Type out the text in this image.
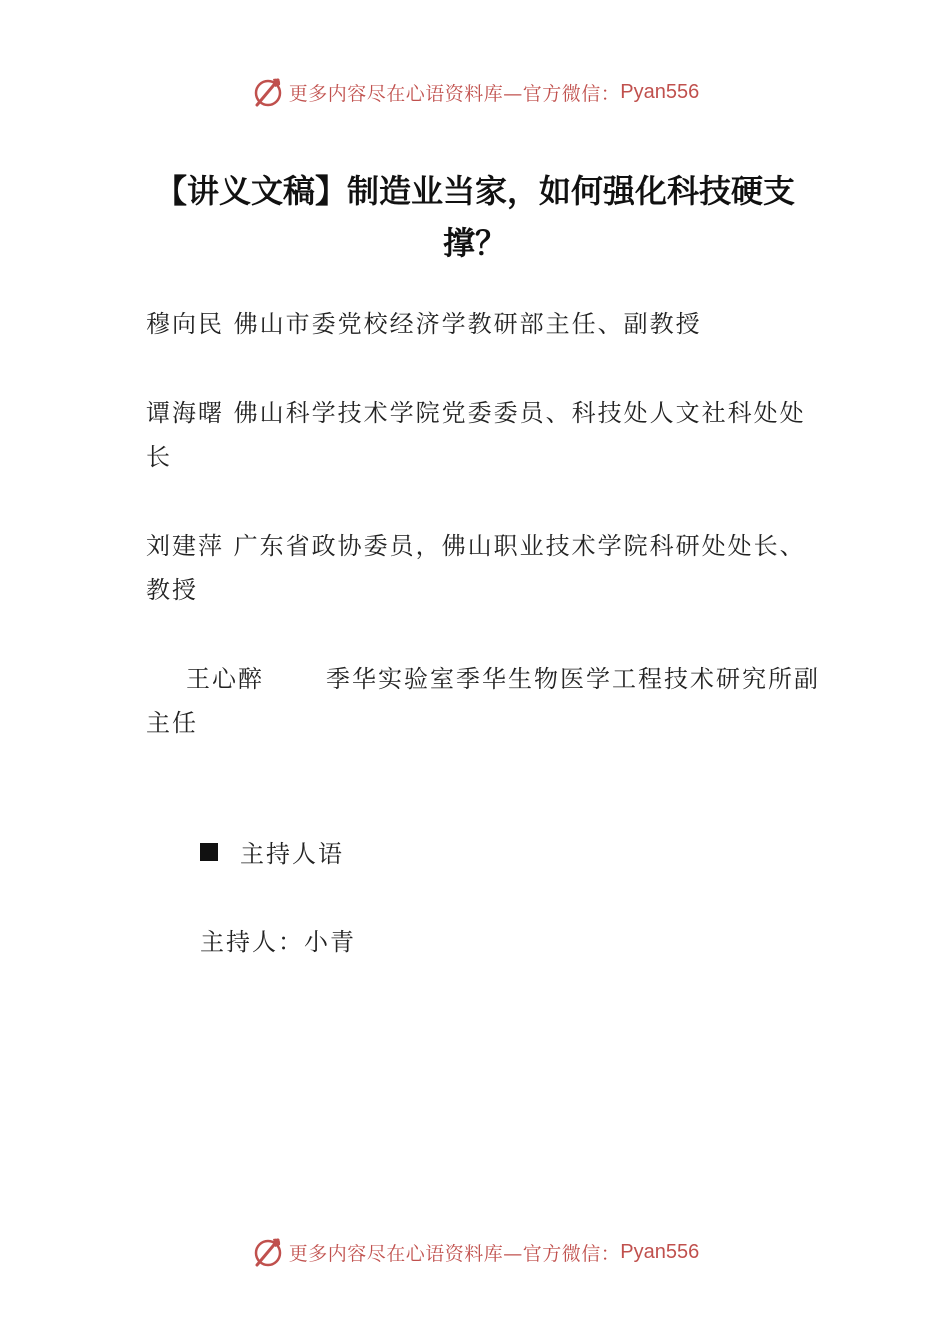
更多内容尽在心语资料库—官方微信： Pyan556
【讲义文稿】制造业当家，如何强化科技硬支撑？
穆向民 佛山市委党校经济学教研部主任、副教授
谭海曙 佛山科学技术学院党委委员、科技处人文社科处处长
刘建萍 广东省政协委员，佛山职业技术学院科研处处长、教授
王心醉	季华实验室季华生物医学工程技术研究所副主任
主持人语
主持人：小青
更多内容尽在心语资料库—官方微信： Pyan556
